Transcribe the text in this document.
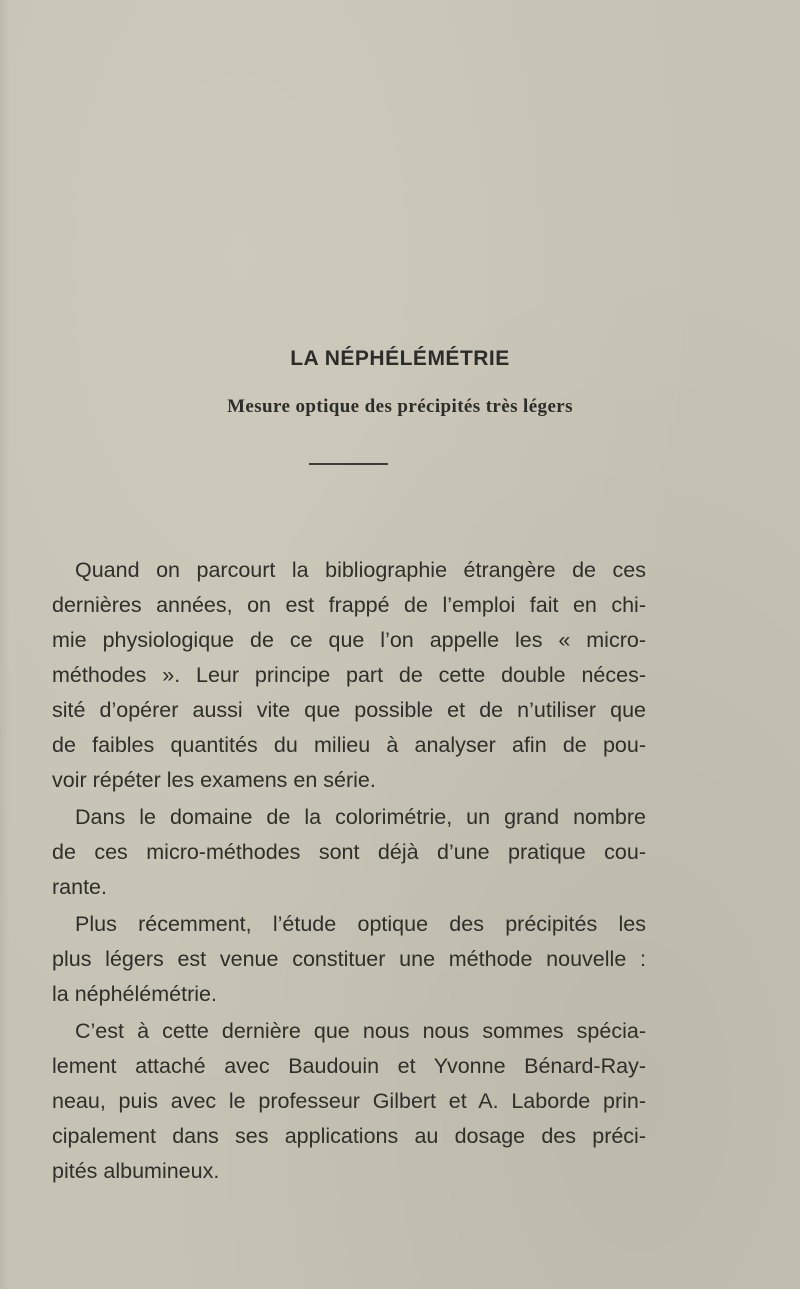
LA NÉPHÉLÉMÉTRIE
Mesure optique des précipités très légers
Quand on parcourt la bibliographie étrangère de ces
dernières années, on est frappé de l’emploi fait en chi-
mie physiologique de ce que l’on appelle les « micro-
méthodes ». Leur principe part de cette double néces-
sité d’opérer aussi vite que possible et de n’utiliser que
de faibles quantités du milieu à analyser afin de pou-
voir répéter les examens en série.
Dans le domaine de la colorimétrie, un grand nombre
de ces micro-méthodes sont déjà d’une pratique cou-
rante.
Plus récemment, l’étude optique des précipités les
plus légers est venue constituer une méthode nouvelle :
la néphélémétrie.
C’est à cette dernière que nous nous sommes spécia-
lement attaché avec Baudouin et Yvonne Bénard-Ray-
neau, puis avec le professeur Gilbert et A. Laborde prin-
cipalement dans ses applications au dosage des préci-
pités albumineux.
